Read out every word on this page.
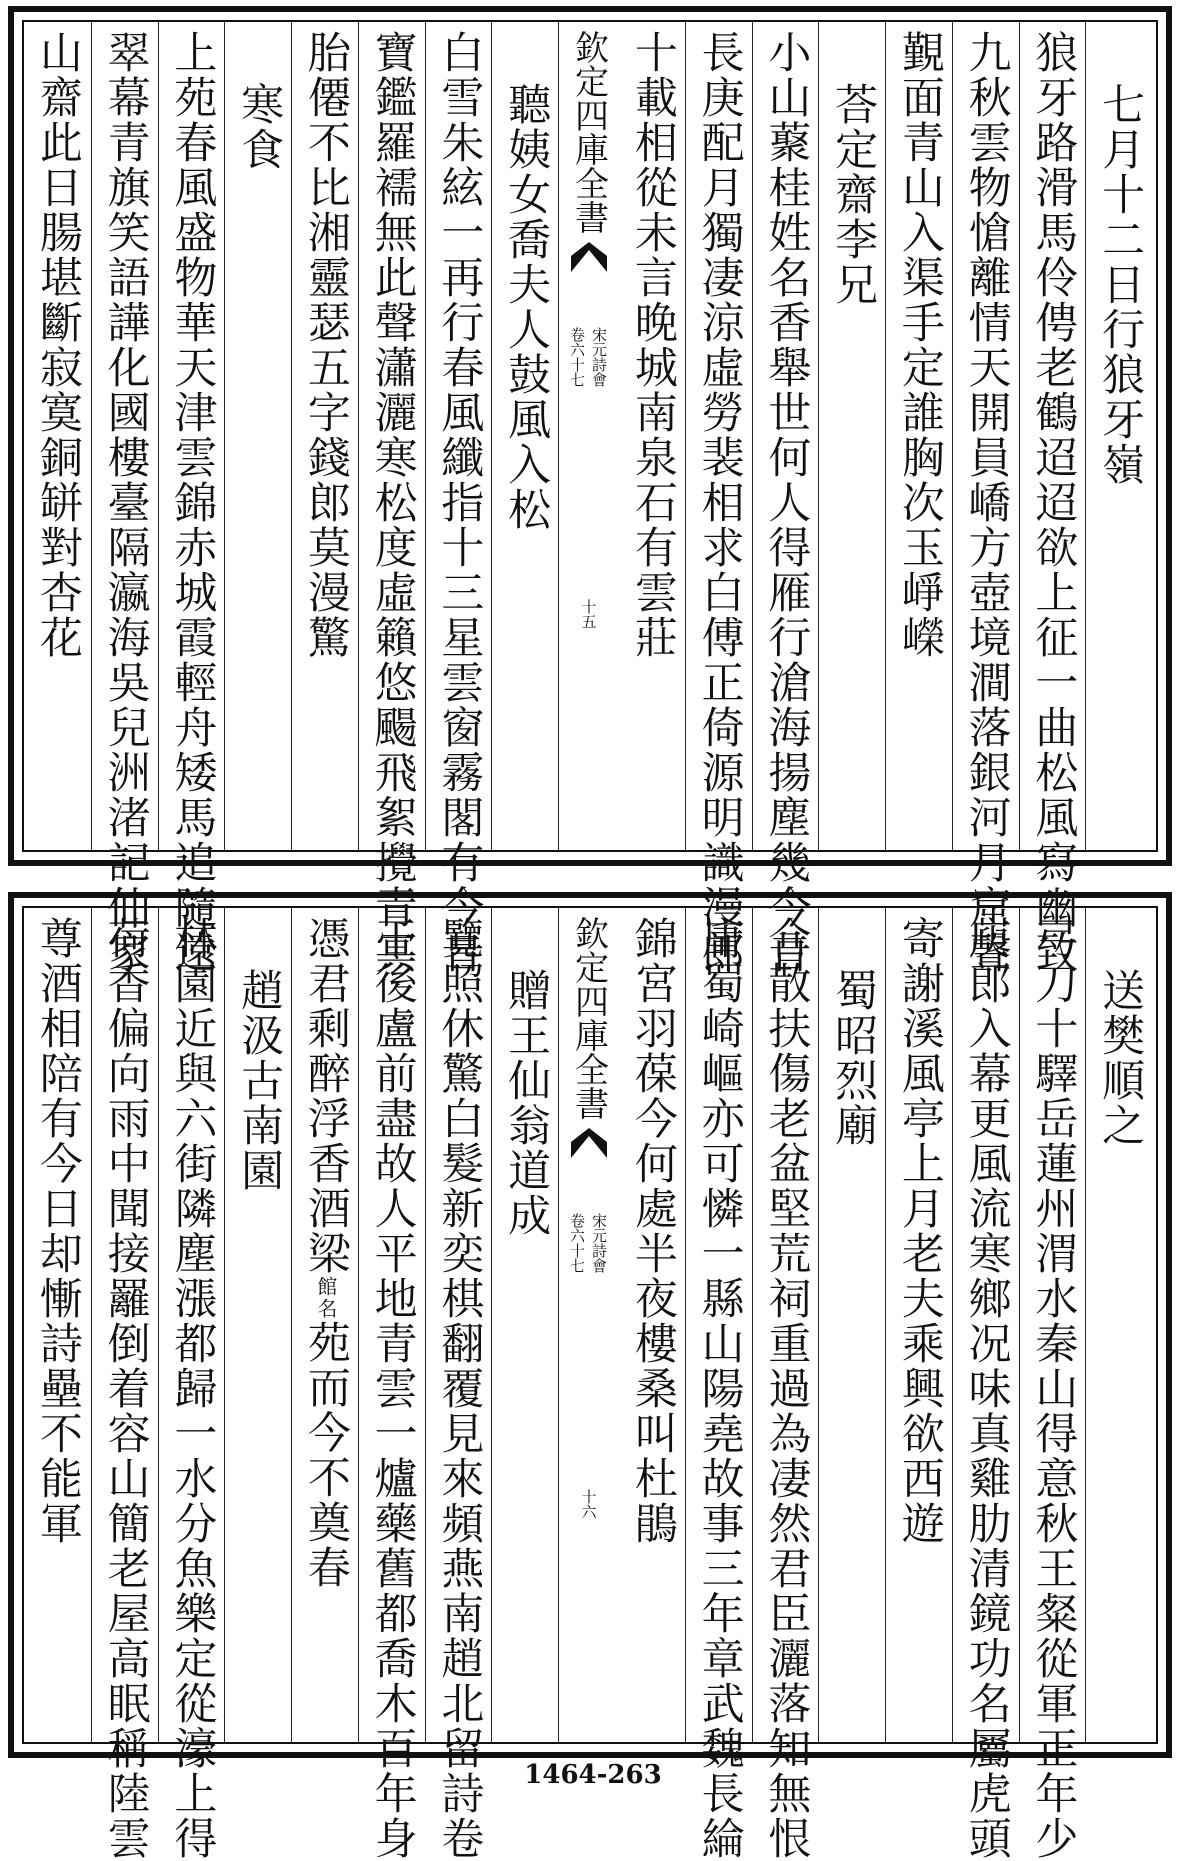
七月十二日行狼牙嶺
狼牙路滑馬伶俜老鶴迢迢欲上征一曲松風寫幽致
九秋雲物愴離情天開員嶠方壺境澗落銀河月窟聲
覲面青山入渠手定誰胸次玉崢嶸
荅定齋李兄
小山藂桂姓名香舉世何人得雁行滄海揚塵幾今昔
長庚配月獨凄涼虛勞裴相求白傅正倚源明識漫郎
十載相從未言晚城南泉石有雲莊
欽定四庫全書
宋元詩會
卷六十七
十五
聽姨女喬夫人鼓風入松
白雪朱絃一再行春風纖指十三星雲窗霧閣有今昔
寶鑑羅襦無此聲瀟灑寒松度虛籟悠颺飛絮攪青冥
胎僊不比湘靈瑟五字錢郎莫漫驚
寒食
上苑春風盛物華天津雲錦赤城霞輕舟矮馬追隨遠
翠幕青旗笑語譁化國樓臺隔瀛海吳兒洲渚記仙家
山齋此日腸堪斷寂寞銅缾對杏花
送樊順之
弓刀十驛岳蓮州渭水秦山得意秋王粲從軍正年少
庾郎入幕更風流寒鄉况味真雞肋清鏡功名屬虎頭
寄謝溪風亭上月老夫乘興欲西遊
蜀昭烈廟
合散扶傷老盆堅荒祠重過為凄然君臣灑落知無恨
庸蜀崎嶇亦可憐一縣山陽堯故事三年章武魏長綸
錦宮羽葆今何處半夜樓桑叫杜鵑
欽定四庫全書
宋元詩會
卷六十七
十六
贈王仙翁道成
覽照休驚白髮新奕棋翻覆見來頻燕南趙北留詩卷
王後盧前盡故人平地青雲一爐藥舊都喬木百年身
憑君剩醉浮香酒梁館名苑而今不奠春
趙汲古南園
林園近與六街隣塵漲都歸一水分魚樂定從濠上得
荷香偏向雨中聞接䍦倒着容山簡老屋高眠稱陸雲
尊酒相陪有今日却慚詩壘不能軍
1464-263
